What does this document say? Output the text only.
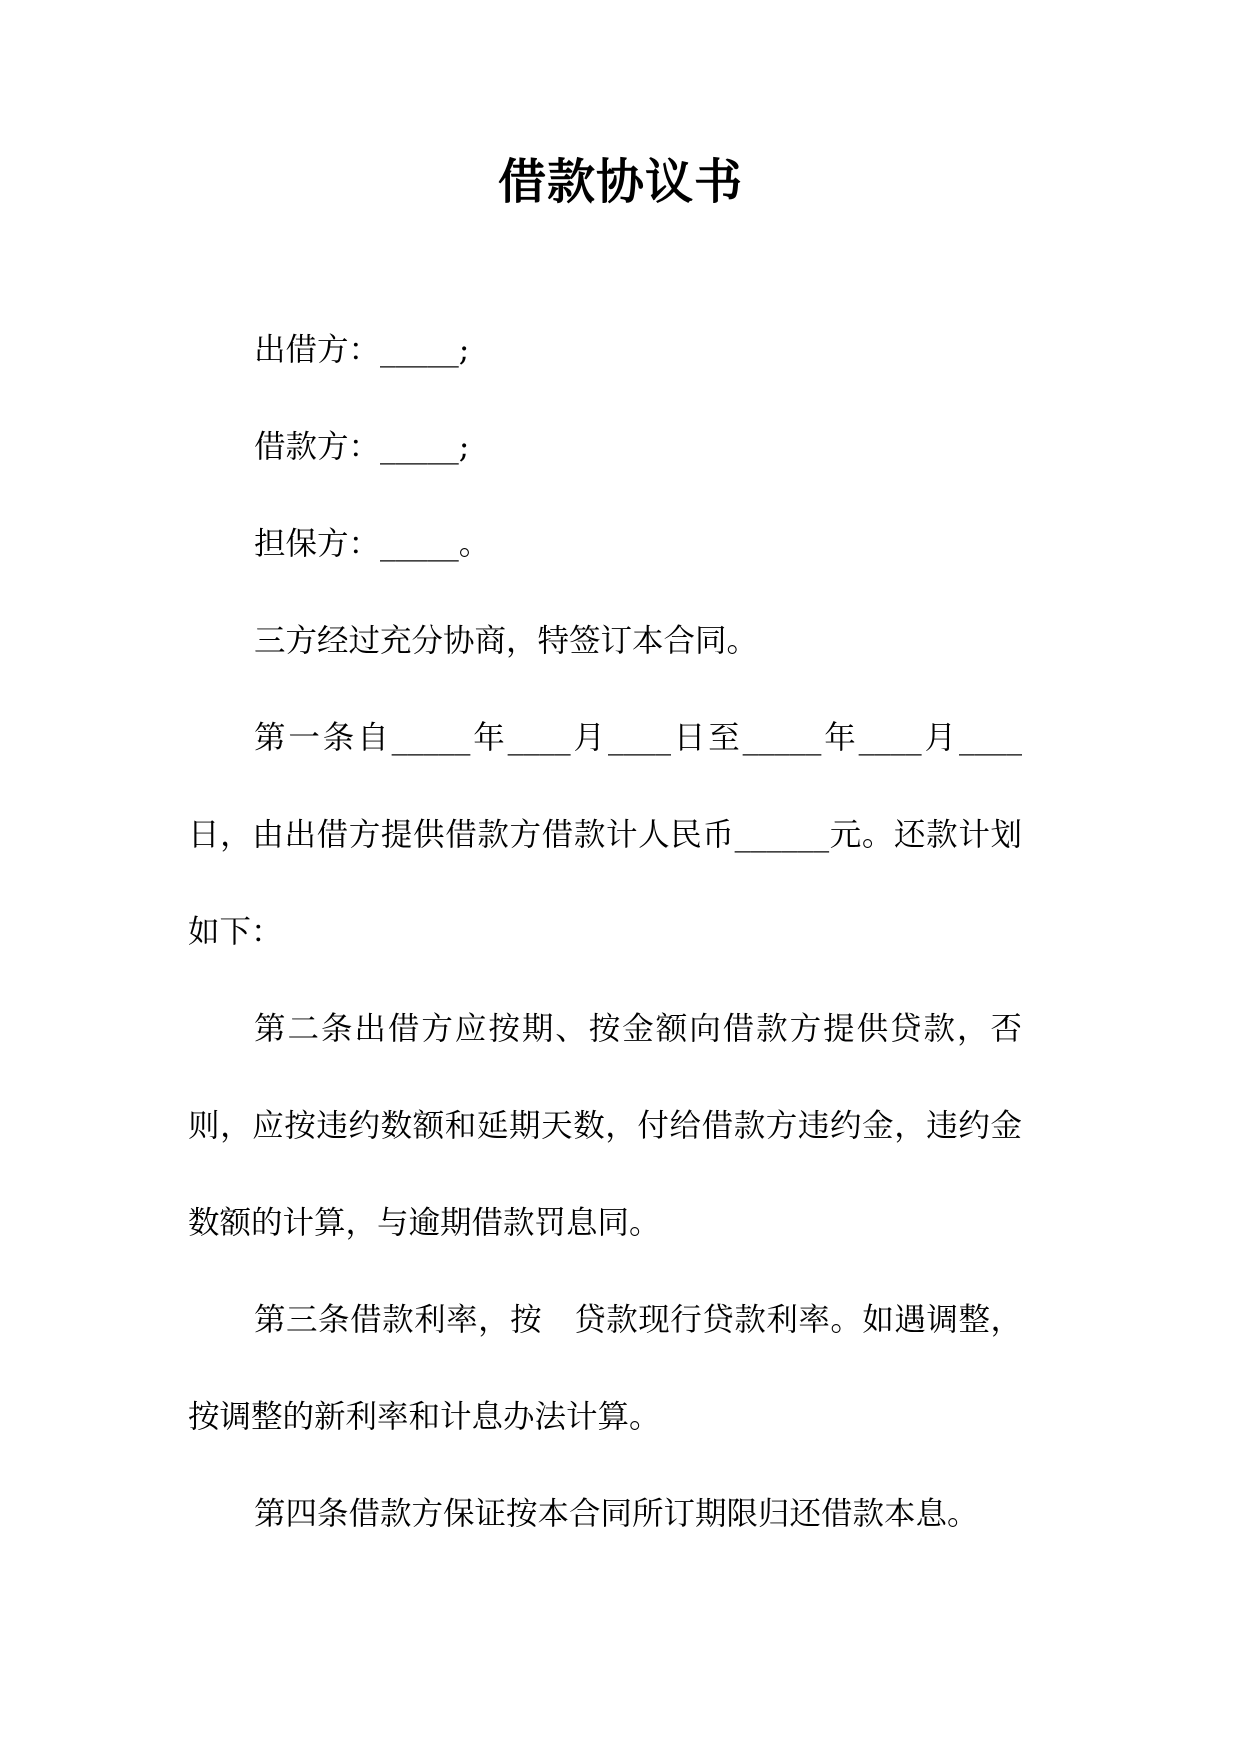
借款协议书

出借方：_____;

借款方：_____;

担保方：_____。

三方经过充分协商，特签订本合同。

第一条自_____年____月____日至_____年____月____日，由出借方提供借款方借款计人民币______元。还款计划如下：

第二条出借方应按期、按金额向借款方提供贷款，否则，应按违约数额和延期天数，付给借款方违约金，违约金数额的计算，与逾期借款罚息同。

第三条借款利率，按　贷款现行贷款利率。如遇调整，按调整的新利率和计息办法计算。

第四条借款方保证按本合同所订期限归还借款本息。
